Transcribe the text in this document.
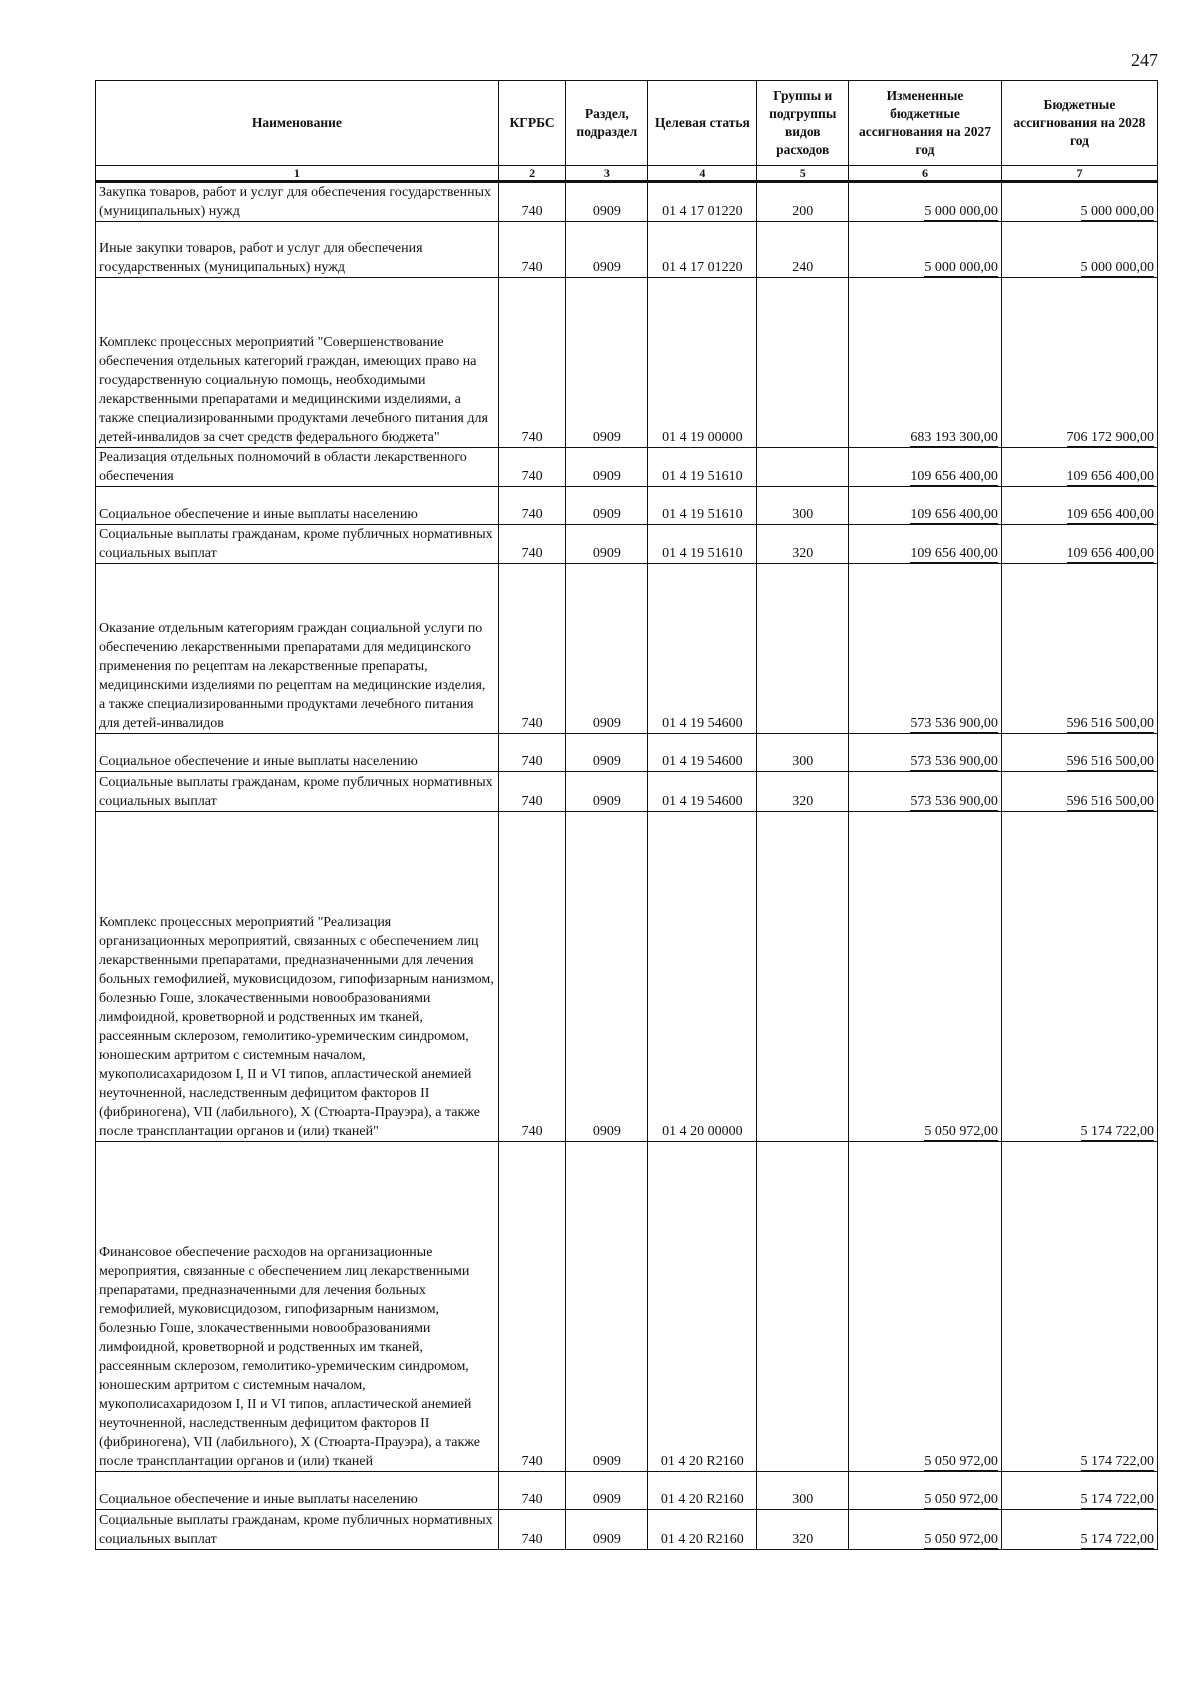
247
Наименование	КГРБС	Раздел, подраздел	Целевая статья	Группы и подгруппы видов расходов	Измененные бюджетные ассигнования на 2027 год	Бюджетные ассигнования на 2028 год
1	2	3	4	5	6	7
Закупка товаров, работ и услуг для обеспечения государственных (муниципальных) нужд	740	0909	01 4 17 01220	200	5 000 000,00	5 000 000,00
Иные закупки товаров, работ и услуг для обеспечения государственных (муниципальных) нужд	740	0909	01 4 17 01220	240	5 000 000,00	5 000 000,00
Комплекс процессных мероприятий "Совершенствование обеспечения отдельных категорий граждан, имеющих право на государственную социальную помощь, необходимыми лекарственными препаратами и медицинскими изделиями, а также специализированными продуктами лечебного питания для детей-инвалидов за счет средств федерального бюджета"	740	0909	01 4 19 00000		683 193 300,00	706 172 900,00
Реализация отдельных полномочий в области лекарственного обеспечения	740	0909	01 4 19 51610		109 656 400,00	109 656 400,00
Социальное обеспечение и иные выплаты населению	740	0909	01 4 19 51610	300	109 656 400,00	109 656 400,00
Социальные выплаты гражданам, кроме публичных нормативных социальных выплат	740	0909	01 4 19 51610	320	109 656 400,00	109 656 400,00
Оказание отдельным категориям граждан социальной услуги по обеспечению лекарственными препаратами для медицинского применения по рецептам на лекарственные препараты, медицинскими изделиями по рецептам на медицинские изделия, а также специализированными продуктами лечебного питания для детей-инвалидов	740	0909	01 4 19 54600		573 536 900,00	596 516 500,00
Социальное обеспечение и иные выплаты населению	740	0909	01 4 19 54600	300	573 536 900,00	596 516 500,00
Социальные выплаты гражданам, кроме публичных нормативных социальных выплат	740	0909	01 4 19 54600	320	573 536 900,00	596 516 500,00
Комплекс процессных мероприятий "Реализация организационных мероприятий, связанных с обеспечением лиц лекарственными препаратами, предназначенными для лечения больных гемофилией, муковисцидозом, гипофизарным нанизмом, болезнью Гоше, злокачественными новообразованиями лимфоидной, кроветворной и родственных им тканей, рассеянным склерозом, гемолитико-уремическим синдромом, юношеским артритом с системным началом, мукополисахаридозом I, II и VI типов, апластической анемией неуточненной, наследственным дефицитом факторов II (фибриногена), VII (лабильного), X (Стюарта-Прауэра), а также после трансплантации органов и (или) тканей"	740	0909	01 4 20 00000		5 050 972,00	5 174 722,00
Финансовое обеспечение расходов на организационные мероприятия, связанные с обеспечением лиц лекарственными препаратами, предназначенными для лечения больных гемофилией, муковисцидозом, гипофизарным нанизмом, болезнью Гоше, злокачественными новообразованиями лимфоидной, кроветворной и родственных им тканей, рассеянным склерозом, гемолитико-уремическим синдромом, юношеским артритом с системным началом, мукополисахаридозом I, II и VI типов, апластической анемией неуточненной, наследственным дефицитом факторов II (фибриногена), VII (лабильного), X (Стюарта-Прауэра), а также после трансплантации органов и (или) тканей	740	0909	01 4 20 R2160		5 050 972,00	5 174 722,00
Социальное обеспечение и иные выплаты населению	740	0909	01 4 20 R2160	300	5 050 972,00	5 174 722,00
Социальные выплаты гражданам, кроме публичных нормативных социальных выплат	740	0909	01 4 20 R2160	320	5 050 972,00	5 174 722,00
